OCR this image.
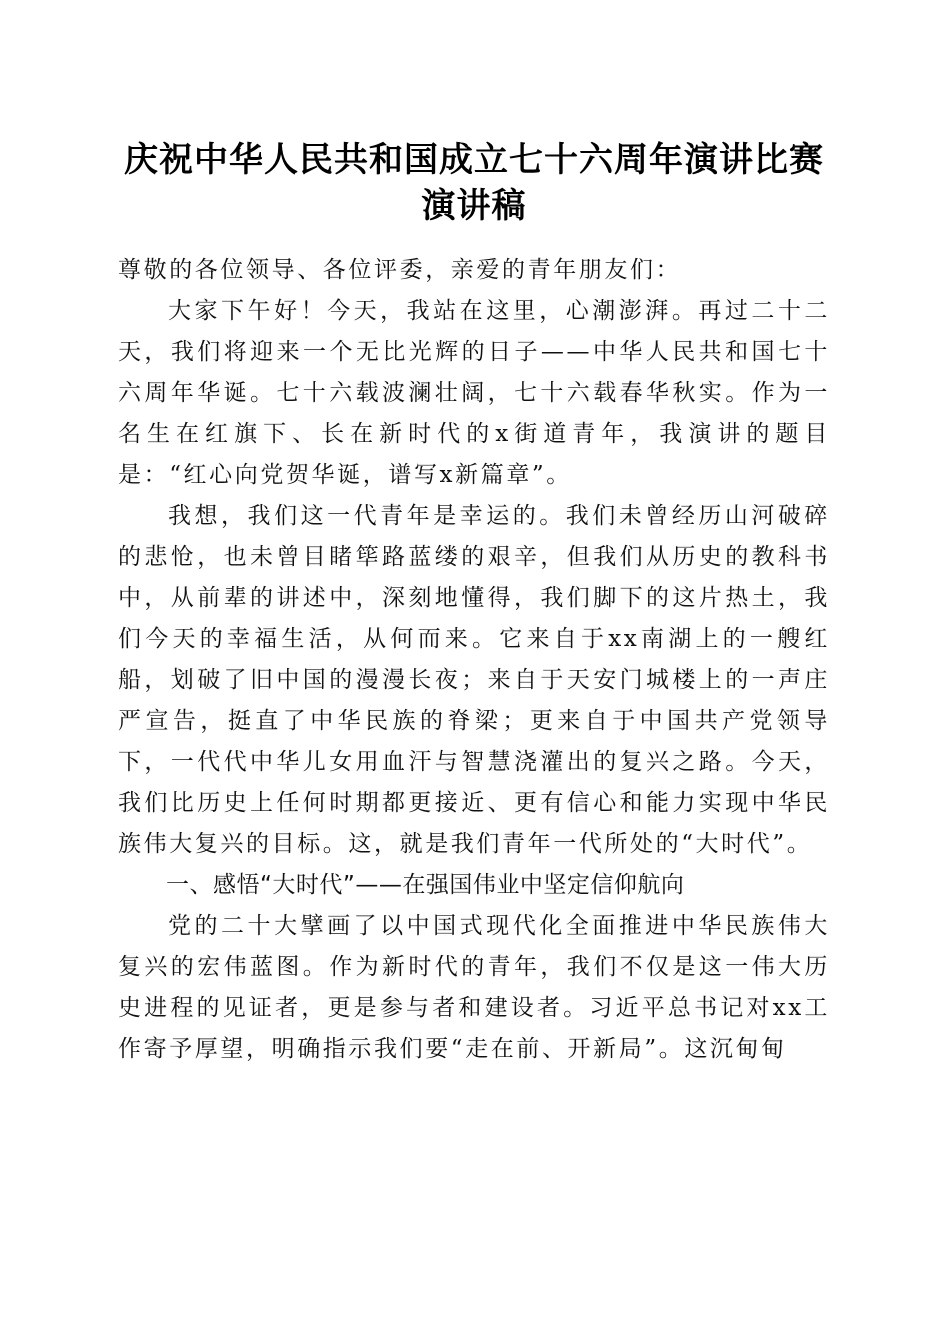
庆祝中华人民共和国成立七十六周年演讲比赛
演讲稿

尊敬的各位领导、各位评委，亲爱的青年朋友们：

大家下午好！今天，我站在这里，心潮澎湃。再过二十二天，我们将迎来一个无比光辉的日子——中华人民共和国七十六周年华诞。七十六载波澜壮阔，七十六载春华秋实。作为一名生在红旗下、长在新时代的x街道青年，我演讲的题目是：“红心向党贺华诞，谱写x新篇章”。

我想，我们这一代青年是幸运的。我们未曾经历山河破碎的悲怆，也未曾目睹筚路蓝缕的艰辛，但我们从历史的教科书中，从前辈的讲述中，深刻地懂得，我们脚下的这片热土，我们今天的幸福生活，从何而来。它来自于xx南湖上的一艘红船，划破了旧中国的漫漫长夜；来自于天安门城楼上的一声庄严宣告，挺直了中华民族的脊梁；更来自于中国共产党领导下，一代代中华儿女用血汗与智慧浇灌出的复兴之路。今天，我们比历史上任何时期都更接近、更有信心和能力实现中华民族伟大复兴的目标。这，就是我们青年一代所处的“大时代”。

一、感悟“大时代”——在强国伟业中坚定信仰航向

党的二十大擘画了以中国式现代化全面推进中华民族伟大复兴的宏伟蓝图。作为新时代的青年，我们不仅是这一伟大历史进程的见证者，更是参与者和建设者。习近平总书记对xx工作寄予厚望，明确指示我们要“走在前、开新局”。这沉甸甸
